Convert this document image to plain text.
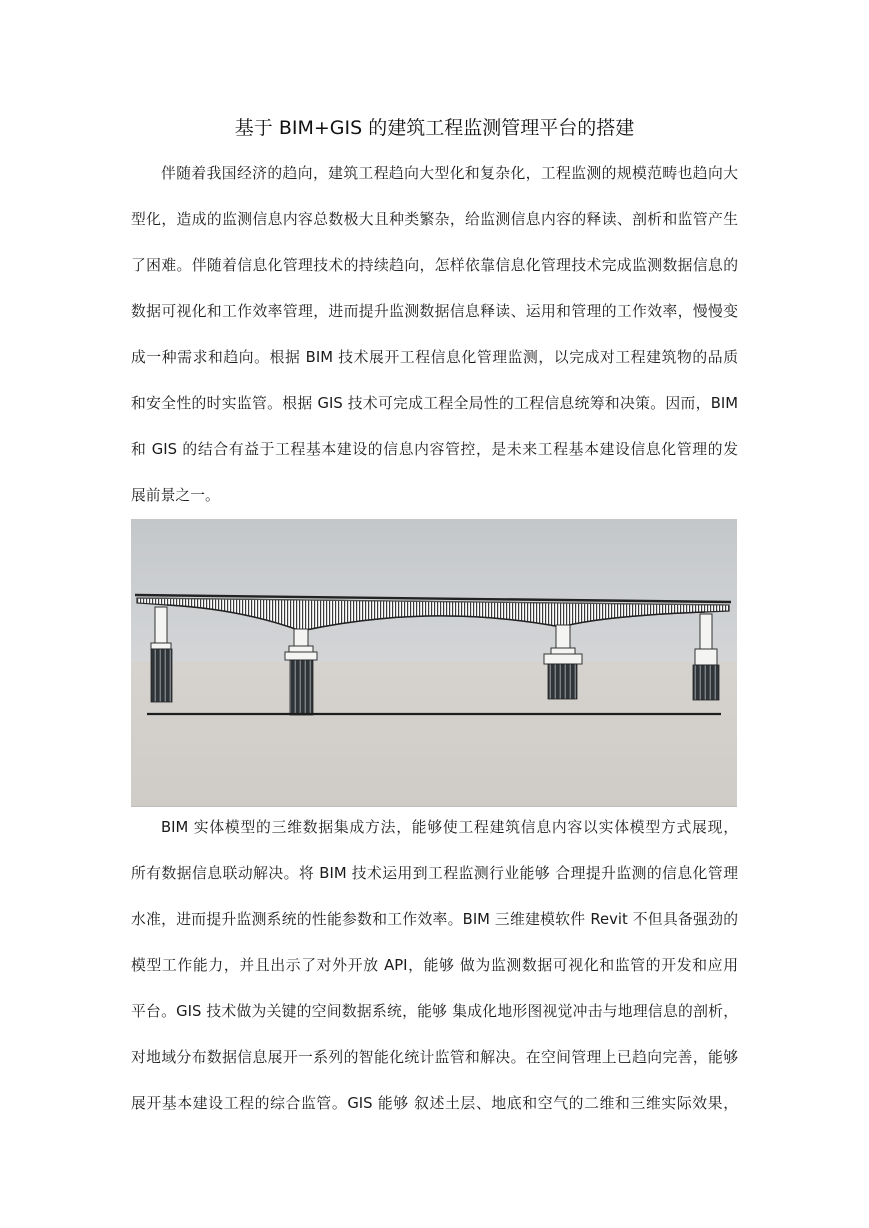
基于 BIM+GIS 的建筑工程监测管理平台的搭建
伴随着我国经济的趋向，建筑工程趋向大型化和复杂化，工程监测的规模范畴也趋向大
型化，造成的监测信息内容总数极大且种类繁杂，给监测信息内容的释读、剖析和监管产生
了困难。伴随着信息化管理技术的持续趋向，怎样依靠信息化管理技术完成监测数据信息的
数据可视化和工作效率管理，进而提升监测数据信息释读、运用和管理的工作效率，慢慢变
成一种需求和趋向。根据 BIM 技术展开工程信息化管理监测，以完成对工程建筑物的品质
和安全性的时实监管。根据 GIS 技术可完成工程全局性的工程信息统筹和决策。因而，BIM
和 GIS 的结合有益于工程基本建设的信息内容管控，是未来工程基本建设信息化管理的发
展前景之一。
BIM 实体模型的三维数据集成方法，能够使工程建筑信息内容以实体模型方式展现，
所有数据信息联动解决。将 BIM 技术运用到工程监测行业能够 合理提升监测的信息化管理
水准，进而提升监测系统的性能参数和工作效率。BIM 三维建模软件 Revit 不但具备强劲的
模型工作能力，并且出示了对外开放 API，能够 做为监测数据可视化和监管的开发和应用
平台。GIS 技术做为关键的空间数据系统，能够 集成化地形图视觉冲击与地理信息的剖析，
对地域分布数据信息展开一系列的智能化统计监管和解决。在空间管理上已趋向完善，能够
展开基本建设工程的综合监管。GIS 能够 叙述土层、地底和空气的二维和三维实际效果，
